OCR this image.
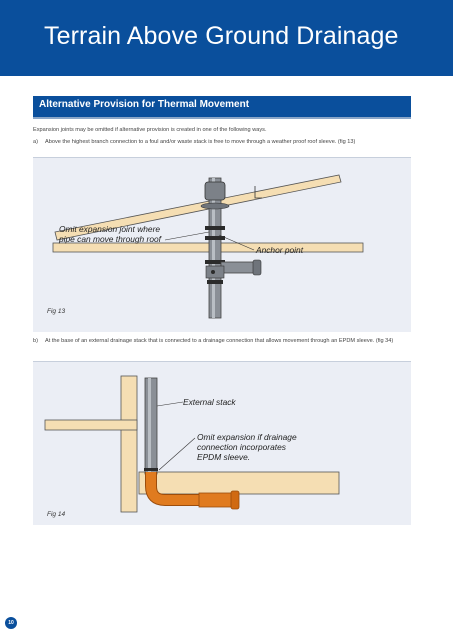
Terrain Above Ground Drainage
Alternative Provision for Thermal Movement
Expansion joints may be omitted if alternative provision is created in one of the following ways.
a) Above the highest branch connection to a foul and/or waste stack is free to move through a weather proof roof sleeve. (fig 13)
Omit expansion joint where
pipe can move through roof
Anchor point
Fig 13
b) At the base of an external drainage stack that is connected to a drainage connection that allows movement through an EPDM sleeve. (fig 34)
External stack
Omit expansion if drainage
connection incorporates
EPDM sleeve.
Fig 14
10
